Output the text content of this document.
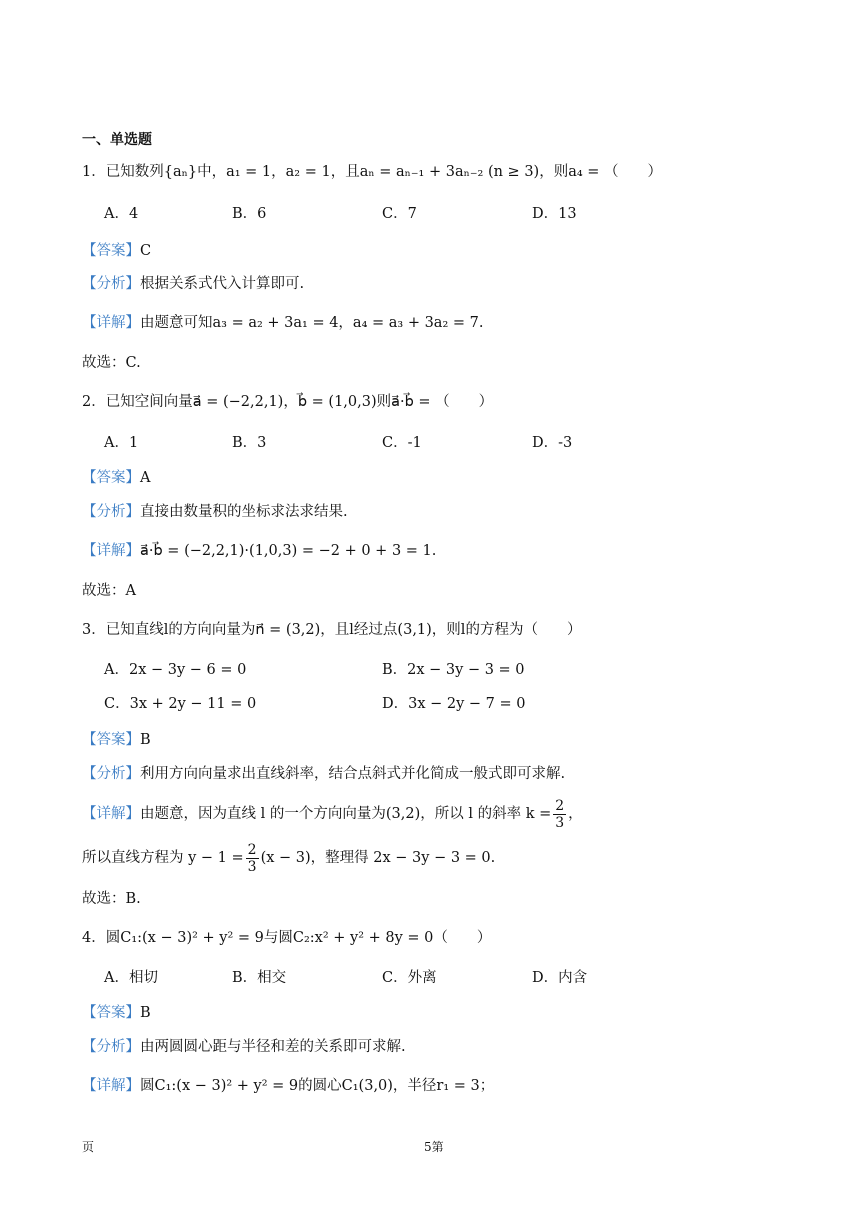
一、单选题
1．已知数列{aₙ}中，a₁ = 1，a₂ = 1，且aₙ = aₙ₋₁ + 3aₙ₋₂ (n ≥ 3)，则a₄ = （　　）
A．4	B．6	C．7	D．13
【答案】C
【分析】根据关系式代入计算即可.
【详解】由题意可知a₃ = a₂ + 3a₁ = 4，a₄ = a₃ + 3a₂ = 7.
故选：C.
2．已知空间向量a⃗ = (−2,2,1)，b⃗ = (1,0,3)则a⃗·b⃗ = （　　）
A．1	B．3	C．-1	D．-3
【答案】A
【分析】直接由数量积的坐标求法求结果.
【详解】a⃗·b⃗ = (−2,2,1)·(1,0,3) = −2 + 0 + 3 = 1.
故选：A
3．已知直线l的方向向量为n⃗ = (3,2)，且l经过点(3,1)，则l的方程为（　　）
A．2x − 3y − 6 = 0	B．2x − 3y − 3 = 0
C．3x + 2y − 11 = 0	D．3x − 2y − 7 = 0
【答案】B
【分析】利用方向向量求出直线斜率，结合点斜式并化简成一般式即可求解.
【详解】由题意，因为直线 l 的一个方向向量为(3,2)，所以 l 的斜率 $k = \frac{2}{3}$ ，
所以直线方程为 $y - 1 = \frac{2}{3} (x - 3)$，整理得 2x − 3y − 3 = 0.
故选：B.
4．圆C₁:(x − 3)² + y² = 9与圆C₂:x² + y² + 8y = 0（　　）
A．相切	B．相交	C．外离	D．内含
【答案】B
【分析】由两圆圆心距与半径和差的关系即可求解.
【详解】圆C₁:(x − 3)² + y² = 9的圆心C₁(3,0)，半径r₁ = 3；
页	5第
